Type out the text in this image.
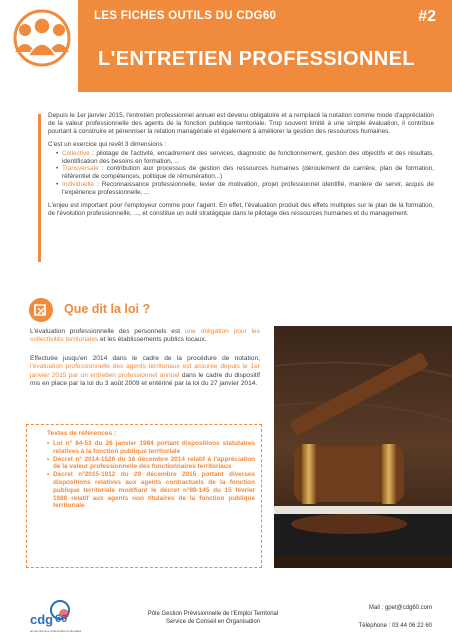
LES FICHES OUTILS DU CDG60	#2
L'ENTRETIEN PROFESSIONNEL

Depuis le 1er janvier 2015, l'entretien professionnel annuel est devenu obligatoire et a remplacé la notation comme mode d'appréciation de la valeur professionnelle des agents de la fonction publique territoriale. Trop souvent limité à une simple évaluation, il contribue pourtant à construire et pérenniser la relation managériale et également à améliorer la gestion des ressources humaines.

C'est un exercice qui revêt 3 dimensions :

• Collective : pilotage de l'activité, encadrement des services, diagnostic de fonctionnement, gestion des objectifs et des résultats, identification des besoins en formation, ...
• Transversale : contribution aux processus de gestion des ressources humaines (déroulement de carrière, plan de formation, référentiel de compétences, politique de rémunération...)
• Individuelle : Reconnaissance professionnelle, levier de motivation, projet professionnel identifié, manière de servir, acquis de l'expérience professionnelle, ...

L'enjeu est important pour l'employeur comme pour l'agent. En effet, l'évaluation produit des effets multiples sur le plan de la formation, de l'évolution professionnelle, ..., et constitue un outil stratégique dans le pilotage des ressources humaines et du management.

Que dit la loi ?

L'évaluation professionnelle des personnels est une obligation pour les collectivités territoriales et les établissements publics locaux.

Effectuée jusqu'en 2014 dans le cadre de la procédure de notation, l'évaluation professionnelle des agents territoriaux est assurée depuis le 1er janvier 2015 par un entretien professionnel annuel dans le cadre du dispositif mis en place par la loi du 3 août 2009 et entériné par la loi du 27 janvier 2014.

Textes de références :
• Loi n° 84-53 du 26 janvier 1984 portant dispositions statutaires relatives à la fonction publique territoriale
• Décret n° 2014-1526 du 16 décembre 2014 relatif à l'appréciation de la valeur professionnelle des fonctionnaires territoriaux
• Décret n°2015-1912 du 29 décembre 2015 portant diverses dispositions relatives aux agents contractuels de la fonction publique territoriale modifiant le décret n°88-145 du 15 février 1988 relatif aux agents non titulaires de la fonction publique territoriale
cdg 60
au service des collectivités territoriales
Pôle Gestion Prévisionnelle de l'Emploi Territorial
Service de Conseil en Organisation
Mail : gpet@cdg60.com
Téléphone : 03 44 06 22 60
